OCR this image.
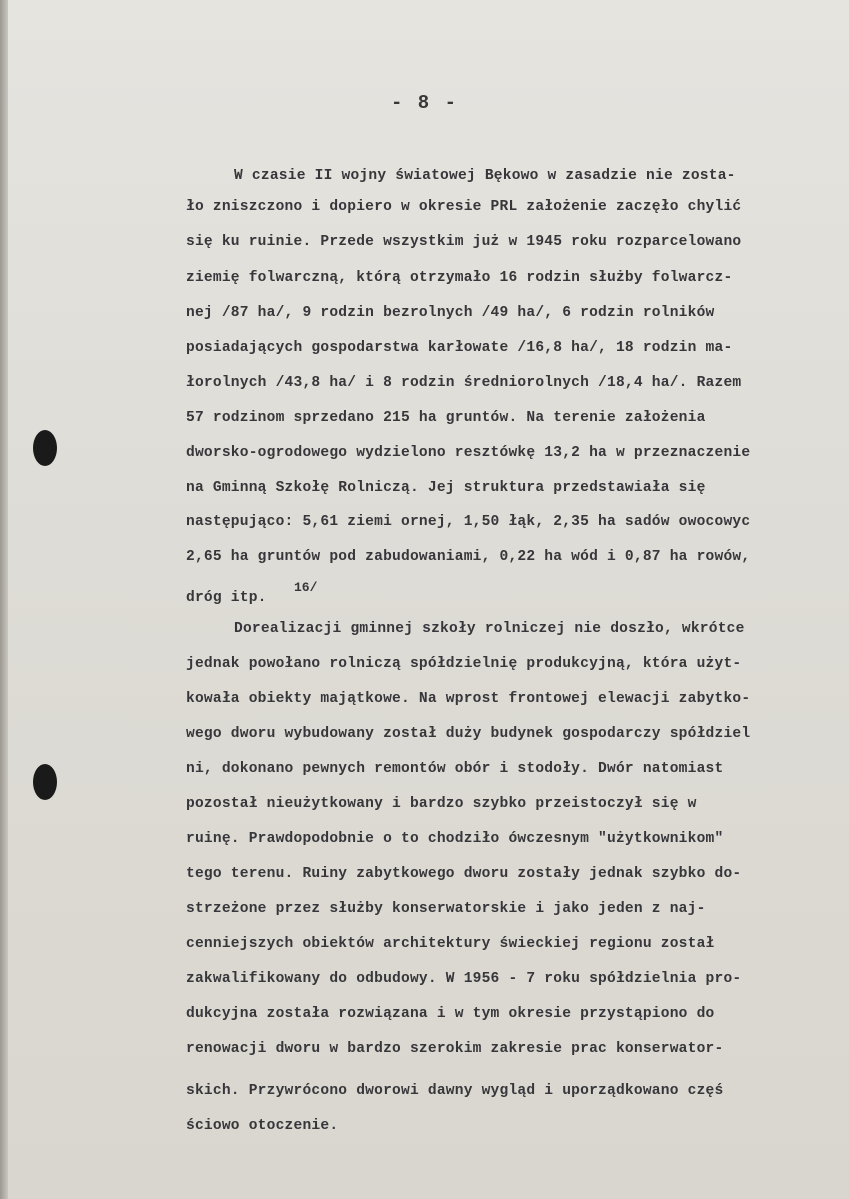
- 8 -
W czasie II wojny światowej Bękowo w zasadzie nie zosta-
ło zniszczono i dopiero w okresie PRL założenie zaczęło chylić
się ku ruinie. Przede wszystkim już w 1945 roku rozparcelowano
ziemię folwarczną, którą otrzymało 16 rodzin służby folwarcz-
nej /87 ha/, 9 rodzin bezrolnych /49 ha/, 6 rodzin rolników
posiadających gospodarstwa karłowate /16,8 ha/, 18 rodzin ma-
łorolnych /43,8 ha/ i 8 rodzin średniorolnych /18,4 ha/. Razem
57 rodzinom sprzedano 215 ha gruntów. Na terenie założenia
dworsko-ogrodowego wydzielono resztówkę 13,2 ha w przeznaczenie
na Gminną Szkołę Rolniczą. Jej struktura przedstawiała się
następująco: 5,61 ziemi ornej, 1,50 łąk, 2,35 ha sadów owocowyc
2,65 ha gruntów pod zabudowaniami, 0,22 ha wód i 0,87 ha rowów,
dróg itp.
16/
Dorealizacji gminnej szkoły rolniczej nie doszło, wkrótce
jednak powołano rolniczą spółdzielnię produkcyjną, która użyt-
kowała obiekty majątkowe. Na wprost frontowej elewacji zabytko-
wego dworu wybudowany został duży budynek gospodarczy spółdziel
ni, dokonano pewnych remontów obór i stodoły. Dwór natomiast
pozostał nieużytkowany i bardzo szybko przeistoczył się w
ruinę. Prawdopodobnie o to chodziło ówczesnym "użytkownikom"
tego terenu. Ruiny zabytkowego dworu zostały jednak szybko do-
strzeżone przez służby konserwatorskie i jako jeden z naj-
cenniejszych obiektów architektury świeckiej regionu został
zakwalifikowany do odbudowy. W 1956 - 7 roku spółdzielnia pro-
dukcyjna została rozwiązana i w tym okresie przystąpiono do
renowacji dworu w bardzo szerokim zakresie prac konserwator-
skich. Przywrócono dworowi dawny wygląd i uporządkowano częś
ściowo otoczenie.
